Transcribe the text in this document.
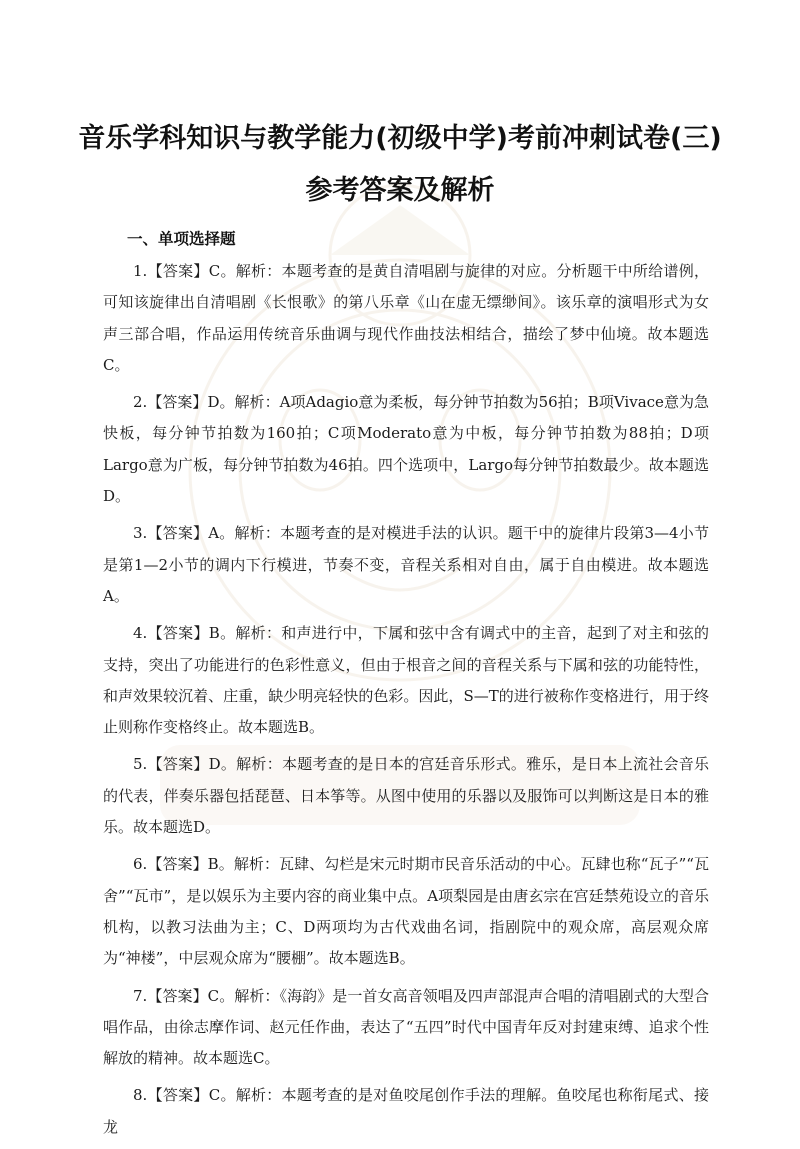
音乐学科知识与教学能力(初级中学)考前冲刺试卷(三)
参考答案及解析
一、单项选择题

1.【答案】C。解析：本题考查的是黄自清唱剧与旋律的对应。分析题干中所给谱例，可知该旋律出自清唱剧《长恨歌》的第八乐章《山在虚无缥缈间》。该乐章的演唱形式为女声三部合唱，作品运用传统音乐曲调与现代作曲技法相结合，描绘了梦中仙境。故本题选C。

2.【答案】D。解析：A项Adagio意为柔板，每分钟节拍数为56拍；B项Vivace意为急快板，每分钟节拍数为160拍；C项Moderato意为中板，每分钟节拍数为88拍；D项Largo意为广板，每分钟节拍数为46拍。四个选项中，Largo每分钟节拍数最少。故本题选D。

3.【答案】A。解析：本题考查的是对模进手法的认识。题干中的旋律片段第3—4小节是第1—2小节的调内下行模进，节奏不变，音程关系相对自由，属于自由模进。故本题选A。

4.【答案】B。解析：和声进行中，下属和弦中含有调式中的主音，起到了对主和弦的支持，突出了功能进行的色彩性意义，但由于根音之间的音程关系与下属和弦的功能特性，和声效果较沉着、庄重，缺少明亮轻快的色彩。因此，S—T的进行被称作变格进行，用于终止则称作变格终止。故本题选B。

5.【答案】D。解析：本题考查的是日本的宫廷音乐形式。雅乐，是日本上流社会音乐的代表，伴奏乐器包括琵琶、日本筝等。从图中使用的乐器以及服饰可以判断这是日本的雅乐。故本题选D。

6.【答案】B。解析：瓦肆、勾栏是宋元时期市民音乐活动的中心。瓦肆也称“瓦子”“瓦舍”“瓦市”，是以娱乐为主要内容的商业集中点。A项梨园是由唐玄宗在宫廷禁苑设立的音乐机构，以教习法曲为主；C、D两项均为古代戏曲名词，指剧院中的观众席，高层观众席为“神楼”，中层观众席为“腰棚”。故本题选B。

7.【答案】C。解析：《海韵》是一首女高音领唱及四声部混声合唱的清唱剧式的大型合唱作品，由徐志摩作词、赵元任作曲，表达了“五四”时代中国青年反对封建束缚、追求个性解放的精神。故本题选C。

8.【答案】C。解析：本题考查的是对鱼咬尾创作手法的理解。鱼咬尾也称衔尾式、接龙
